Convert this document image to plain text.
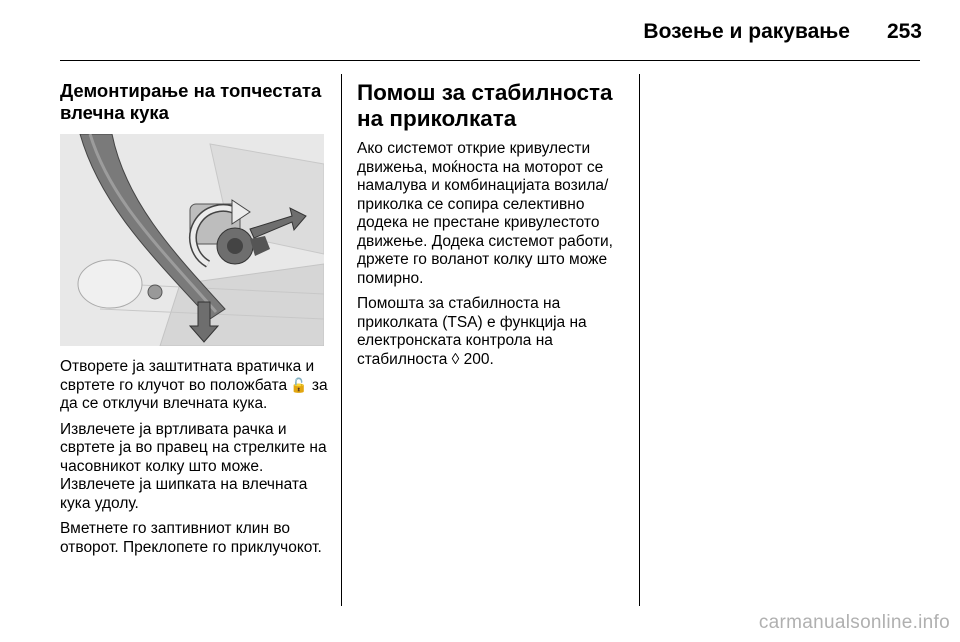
Возење и ракување	253
Демонтирање на топчестата влечна кука

Отворете ја заштитната вратичка и свртете го клучот во положбата 🔓 за да се отклучи влечната кука.

Извлечете ја вртливата рачка и свртете ја во правец на стрелките на часовникот колку што може. Извлечете ја шипката на влечната кука удолу.

Вметнете го заптивниот клин во отворот. Преклопете го приклучокот.

Помош за стабилноста на приколката

Ако системот открие кривулести движења, моќноста на моторот се намалува и комбинацијата возила/ приколка се сопира селективно додека не престане кривулестото движење. Додека системот работи, држете го воланот колку што може помирно.

Помошта за стабилноста на приколката (TSA) е функција на електронската контрола на стабилноста ◊ 200.

carmanualsonline.info
